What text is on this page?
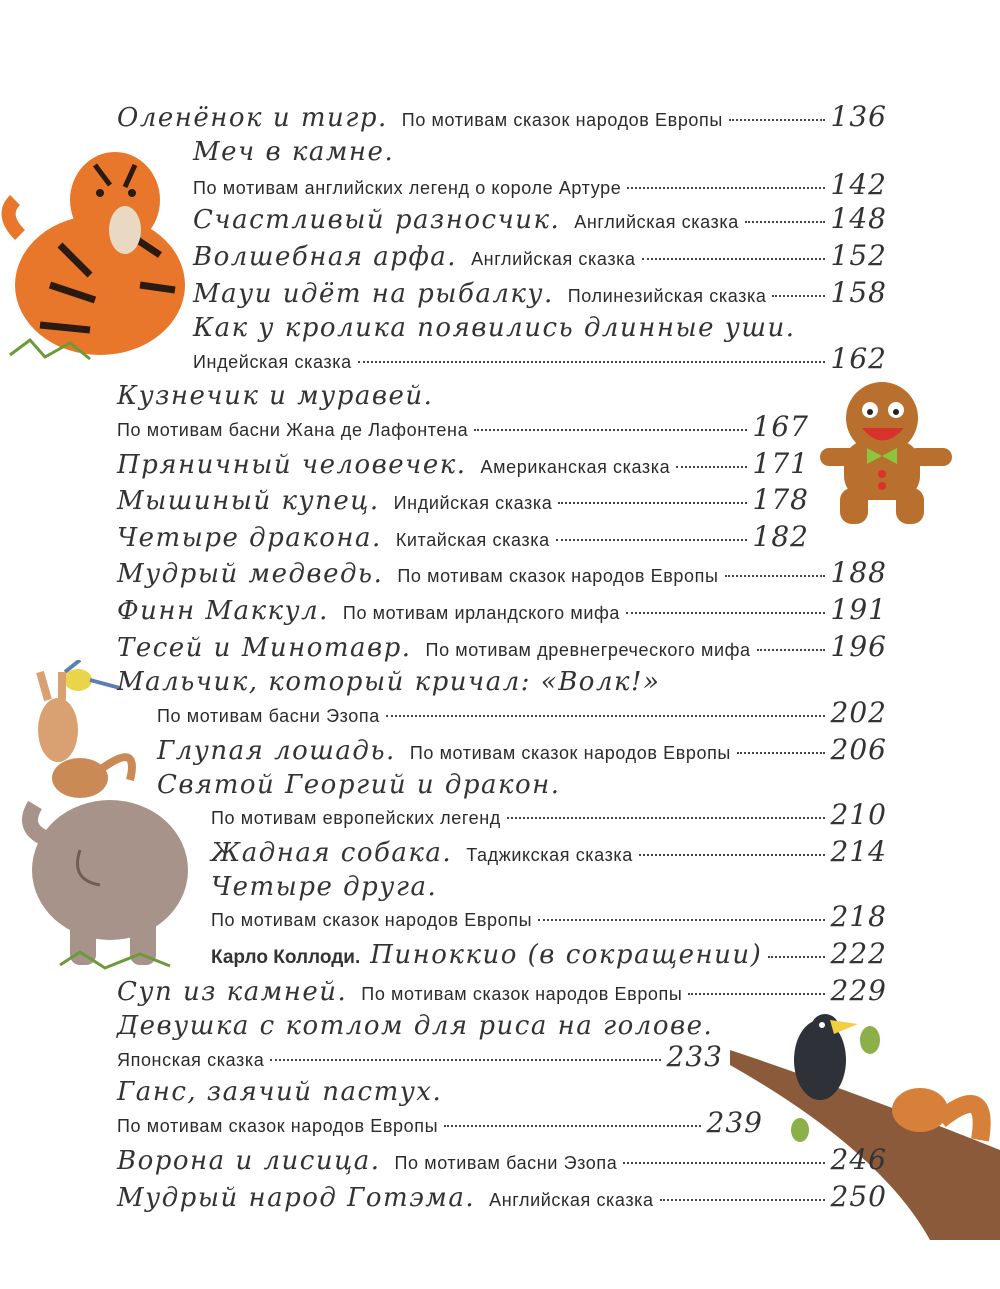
Оленёнок и тигр. По мотивам сказок народов Европы	136
Меч в камне.
По мотивам английских легенд о короле Артуре	142
Счастливый разносчик. Английская сказка	148
Волшебная арфа. Английская сказка	152
Мауи идёт на рыбалку. Полинезийская сказка 158
Как у кролика появились длинные уши.
Индейская сказка	162
Кузнечик и муравей.
По мотивам басни Жана де Лафонтена	167
Пряничный человечек. Американская сказка	171
Мышиный купец. Индийская сказка	178
Четыре дракона. Китайская сказка	182
Мудрый медведь. По мотивам сказок народов Европы	188
Финн Маккул. По мотивам ирландского мифа	191
Тесей и Минотавр. По мотивам древнегреческого мифа	196
Мальчик, который кричал: «Волк!»
По мотивам басни Эзопа	202
Глупая лошадь. По мотивам сказок народов Европы	206
Святой Георгий и дракон.
По мотивам европейских легенд	210
Жадная собака. Таджикская сказка	214
Четыре друга.
По мотивам сказок народов Европы	218
Карло Коллоди. Пиноккио (в сокращении) 222
Суп из камней. По мотивам сказок народов Европы	229
Девушка с котлом для риса на голове.
Японская сказка	233
Ганс, заячий пастух.
По мотивам сказок народов Европы	239
Ворона и лисица. По мотивам басни Эзопа	246
Мудрый народ Готэма. Английская сказка	250
